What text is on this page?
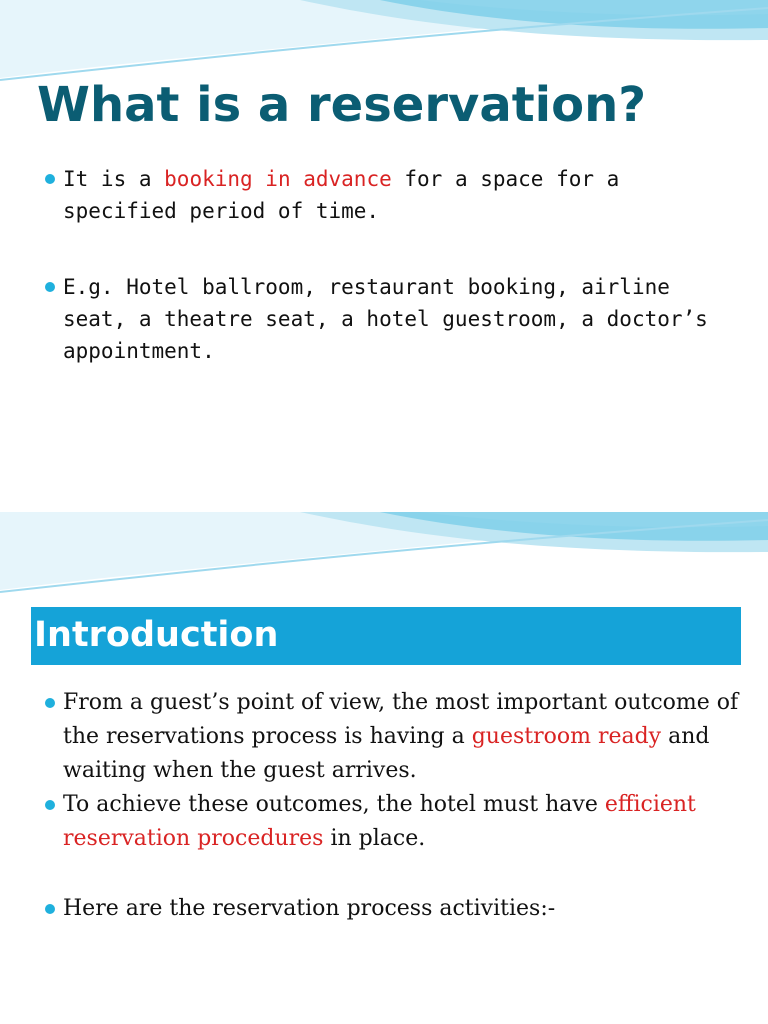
What is a reservation?
It is a booking in advance for a space for a specified period of time.
E.g. Hotel ballroom, restaurant booking, airline seat, a theatre seat, a hotel guestroom, a doctor’s appointment.
Introduction
From a guest’s point of view, the most important outcome of the reservations process is having a guestroom ready and waiting when the guest arrives.
To achieve these outcomes, the hotel must have efficient reservation procedures in place.
Here are the reservation process activities:-
